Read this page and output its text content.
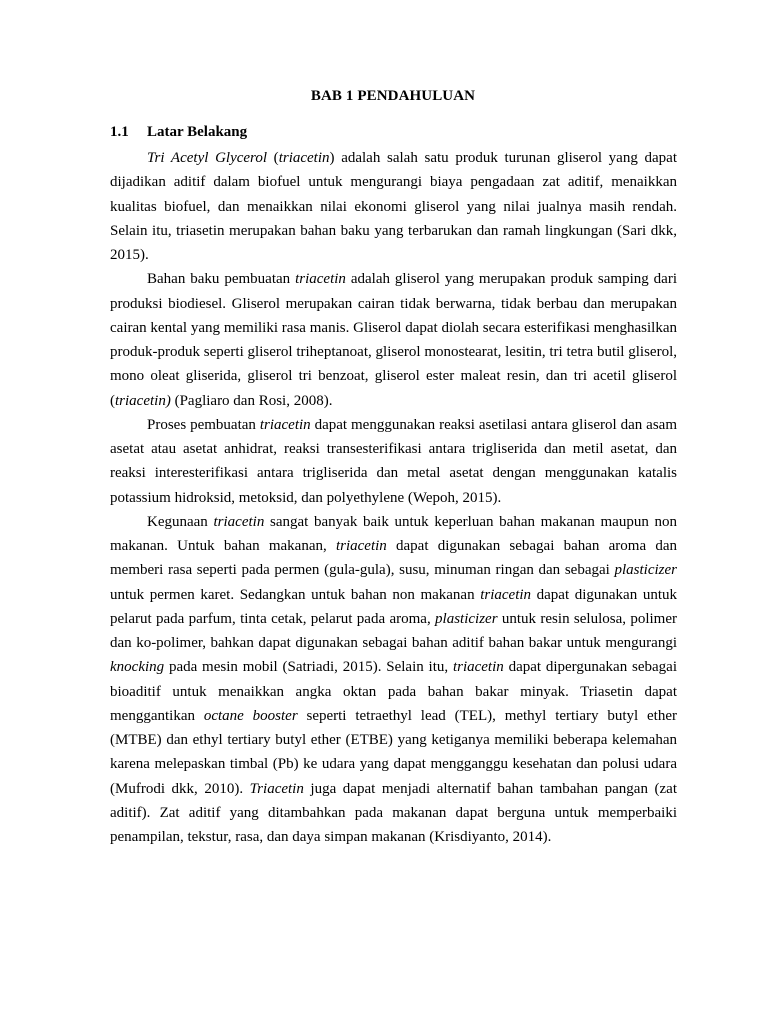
BAB 1 PENDAHULUAN
1.1 Latar Belakang

Tri Acetyl Glycerol (triacetin) adalah salah satu produk turunan gliserol yang dapat dijadikan aditif dalam biofuel untuk mengurangi biaya pengadaan zat aditif, menaikkan kualitas biofuel, dan menaikkan nilai ekonomi gliserol yang nilai jualnya masih rendah. Selain itu, triasetin merupakan bahan baku yang terbarukan dan ramah lingkungan (Sari dkk, 2015).

Bahan baku pembuatan triacetin adalah gliserol yang merupakan produk samping dari produksi biodiesel. Gliserol merupakan cairan tidak berwarna, tidak berbau dan merupakan cairan kental yang memiliki rasa manis. Gliserol dapat diolah secara esterifikasi menghasilkan produk-produk seperti gliserol triheptanoat, gliserol monostearat, lesitin, tri tetra butil gliserol, mono oleat gliserida, gliserol tri benzoat, gliserol ester maleat resin, dan tri acetil gliserol (triacetin) (Pagliaro dan Rosi, 2008).

Proses pembuatan triacetin dapat menggunakan reaksi asetilasi antara gliserol dan asam asetat atau asetat anhidrat, reaksi transesterifikasi antara trigliserida dan metil asetat, dan reaksi interesterifikasi antara trigliserida dan metal asetat dengan menggunakan katalis potassium hidroksid, metoksid, dan polyethylene (Wepoh, 2015).

Kegunaan triacetin sangat banyak baik untuk keperluan bahan makanan maupun non makanan. Untuk bahan makanan, triacetin dapat digunakan sebagai bahan aroma dan memberi rasa seperti pada permen (gula-gula), susu, minuman ringan dan sebagai plasticizer untuk permen karet. Sedangkan untuk bahan non makanan triacetin dapat digunakan untuk pelarut pada parfum, tinta cetak, pelarut pada aroma, plasticizer untuk resin selulosa, polimer dan ko-polimer, bahkan dapat digunakan sebagai bahan aditif bahan bakar untuk mengurangi knocking pada mesin mobil (Satriadi, 2015). Selain itu, triacetin dapat dipergunakan sebagai bioaditif untuk menaikkan angka oktan pada bahan bakar minyak. Triasetin dapat menggantikan octane booster seperti tetraethyl lead (TEL), methyl tertiary butyl ether (MTBE) dan ethyl tertiary butyl ether (ETBE) yang ketiganya memiliki beberapa kelemahan karena melepaskan timbal (Pb) ke udara yang dapat mengganggu kesehatan dan polusi udara (Mufrodi dkk, 2010). Triacetin juga dapat menjadi alternatif bahan tambahan pangan (zat aditif). Zat aditif yang ditambahkan pada makanan dapat berguna untuk memperbaiki penampilan, tekstur, rasa, dan daya simpan makanan (Krisdiyanto, 2014).
